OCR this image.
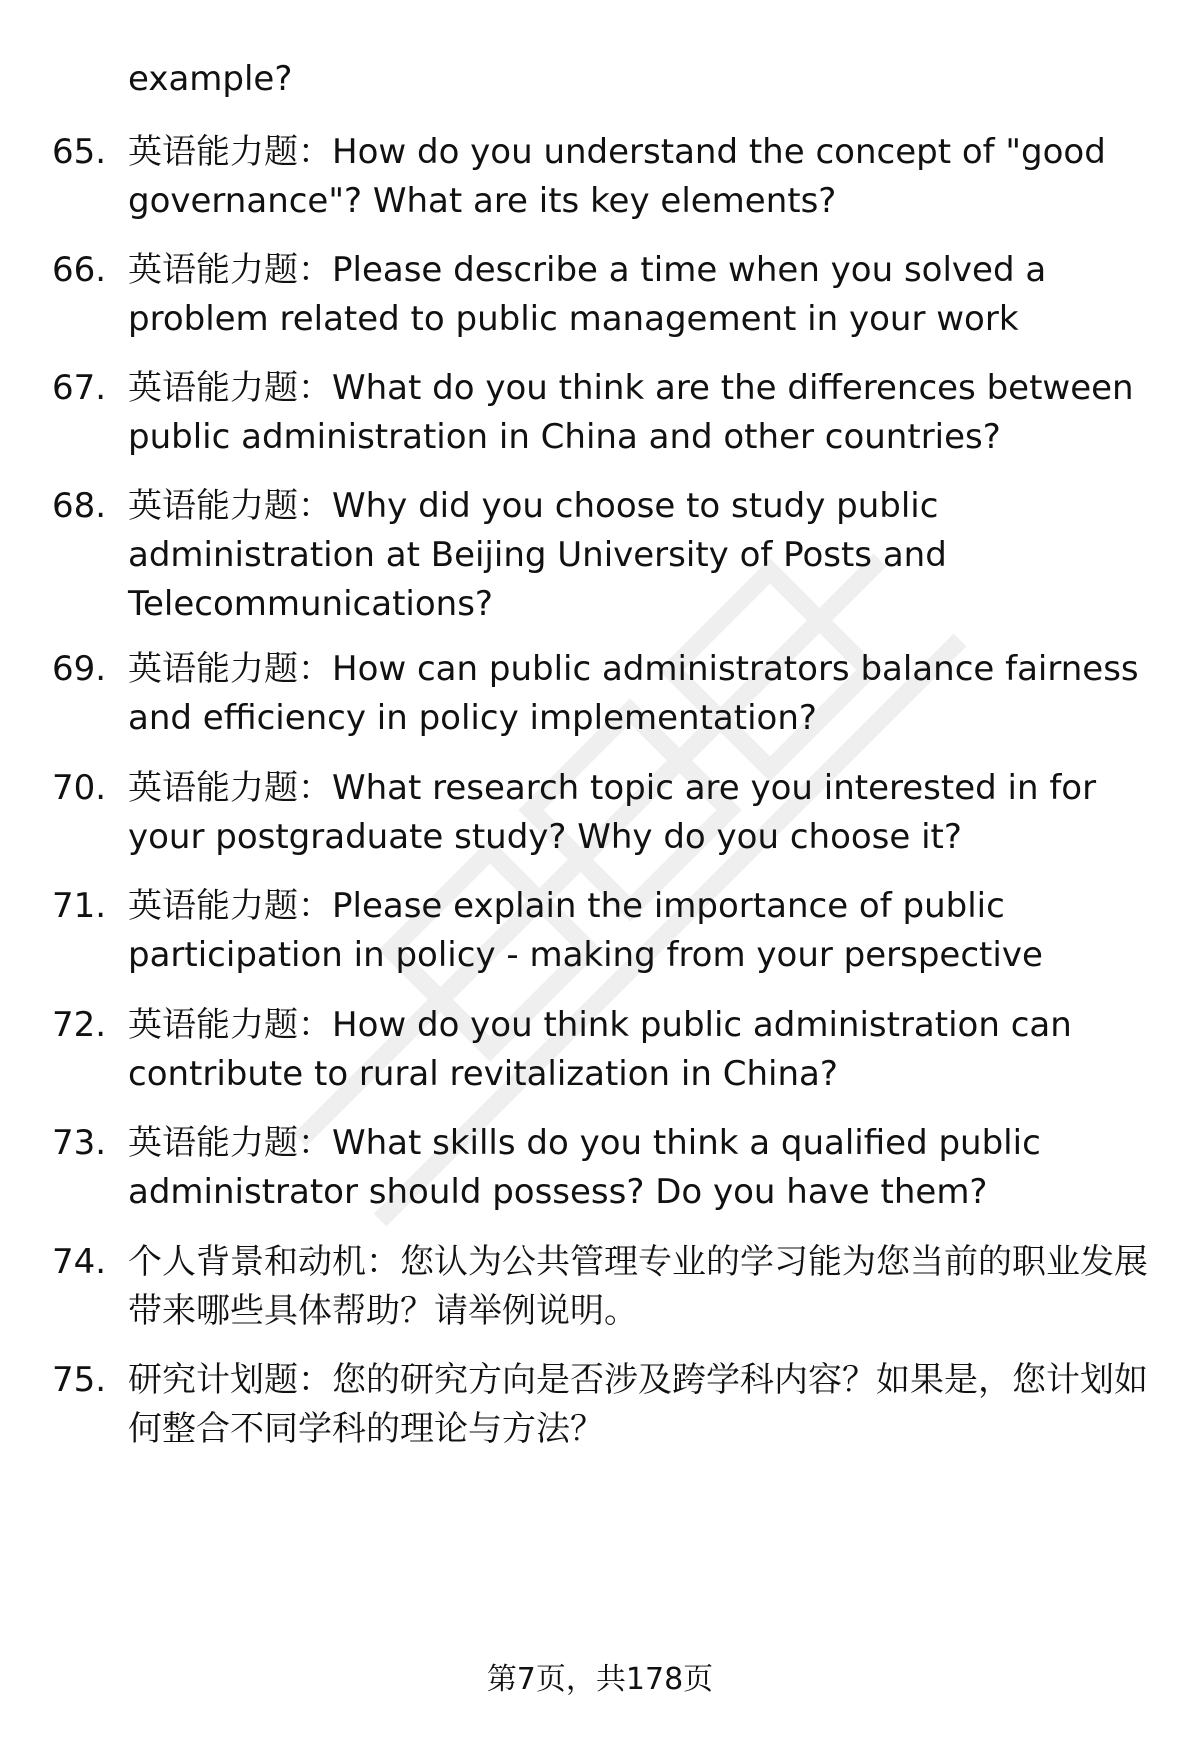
example?
65. 英语能力题：How do you understand the concept of "good governance"? What are its key elements?
66. 英语能力题：Please describe a time when you solved a problem related to public management in your work
67. 英语能力题：What do you think are the differences between public administration in China and other countries?
68. 英语能力题：Why did you choose to study public administration at Beijing University of Posts and Telecommunications?
69. 英语能力题：How can public administrators balance fairness and efficiency in policy implementation?
70. 英语能力题：What research topic are you interested in for your postgraduate study? Why do you choose it?
71. 英语能力题：Please explain the importance of public participation in policy - making from your perspective
72. 英语能力题：How do you think public administration can contribute to rural revitalization in China?
73. 英语能力题：What skills do you think a qualified public administrator should possess? Do you have them?
74. 个人背景和动机：您认为公共管理专业的学习能为您当前的职业发展带来哪些具体帮助？请举例说明。
75. 研究计划题：您的研究方向是否涉及跨学科内容？如果是，您计划如何整合不同学科的理论与方法？
第7页，共178页
